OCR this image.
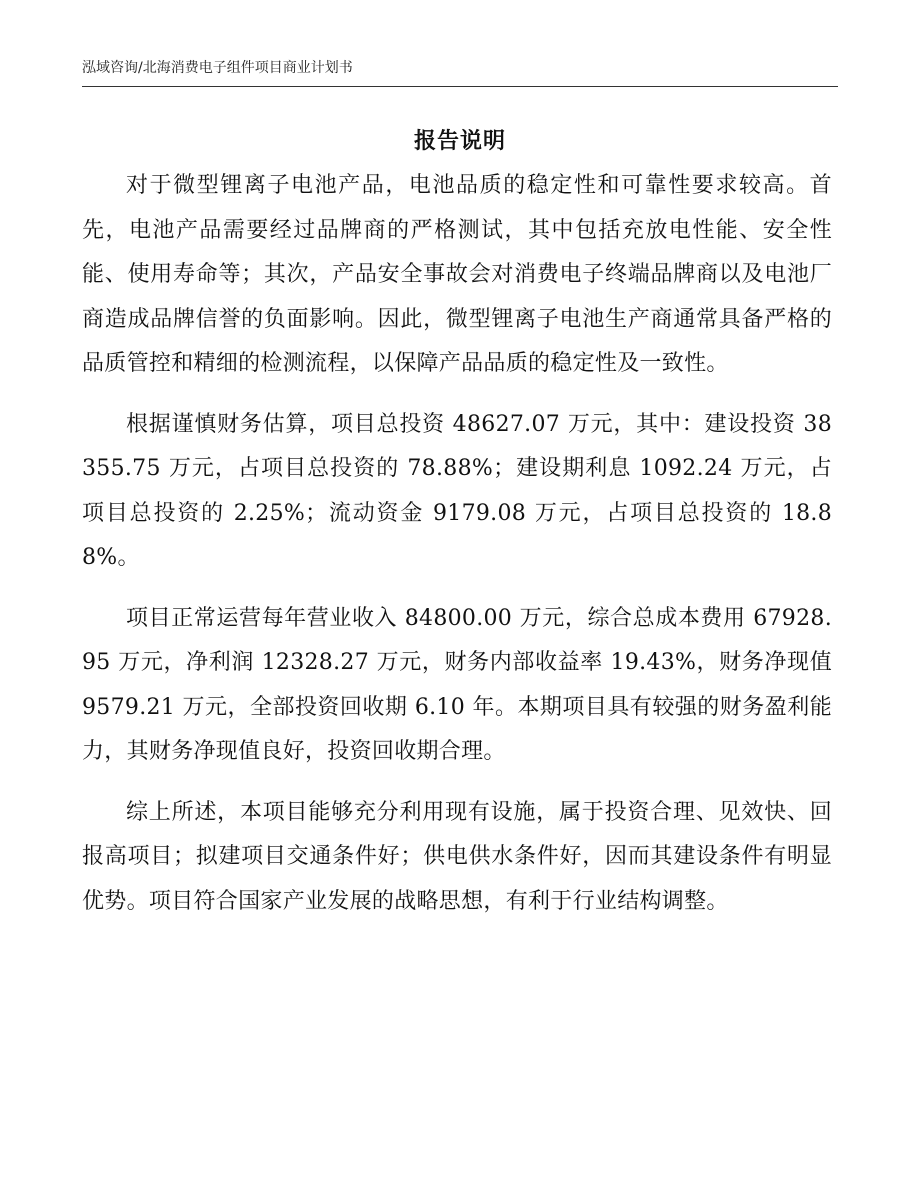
泓域咨询/北海消费电子组件项目商业计划书
报告说明

对于微型锂离子电池产品，电池品质的稳定性和可靠性要求较高。首先，电池产品需要经过品牌商的严格测试，其中包括充放电性能、安全性能、使用寿命等；其次，产品安全事故会对消费电子终端品牌商以及电池厂商造成品牌信誉的负面影响。因此，微型锂离子电池生产商通常具备严格的品质管控和精细的检测流程，以保障产品品质的稳定性及一致性。

根据谨慎财务估算，项目总投资 48627.07 万元，其中：建设投资 38355.75 万元，占项目总投资的 78.88%；建设期利息 1092.24 万元，占项目总投资的 2.25%；流动资金 9179.08 万元，占项目总投资的 18.88%。

项目正常运营每年营业收入 84800.00 万元，综合总成本费用 67928.95 万元，净利润 12328.27 万元，财务内部收益率 19.43%，财务净现值 9579.21 万元，全部投资回收期 6.10 年。本期项目具有较强的财务盈利能力，其财务净现值良好，投资回收期合理。

综上所述，本项目能够充分利用现有设施，属于投资合理、见效快、回报高项目；拟建项目交通条件好；供电供水条件好，因而其建设条件有明显优势。项目符合国家产业发展的战略思想，有利于行业结构调整。
